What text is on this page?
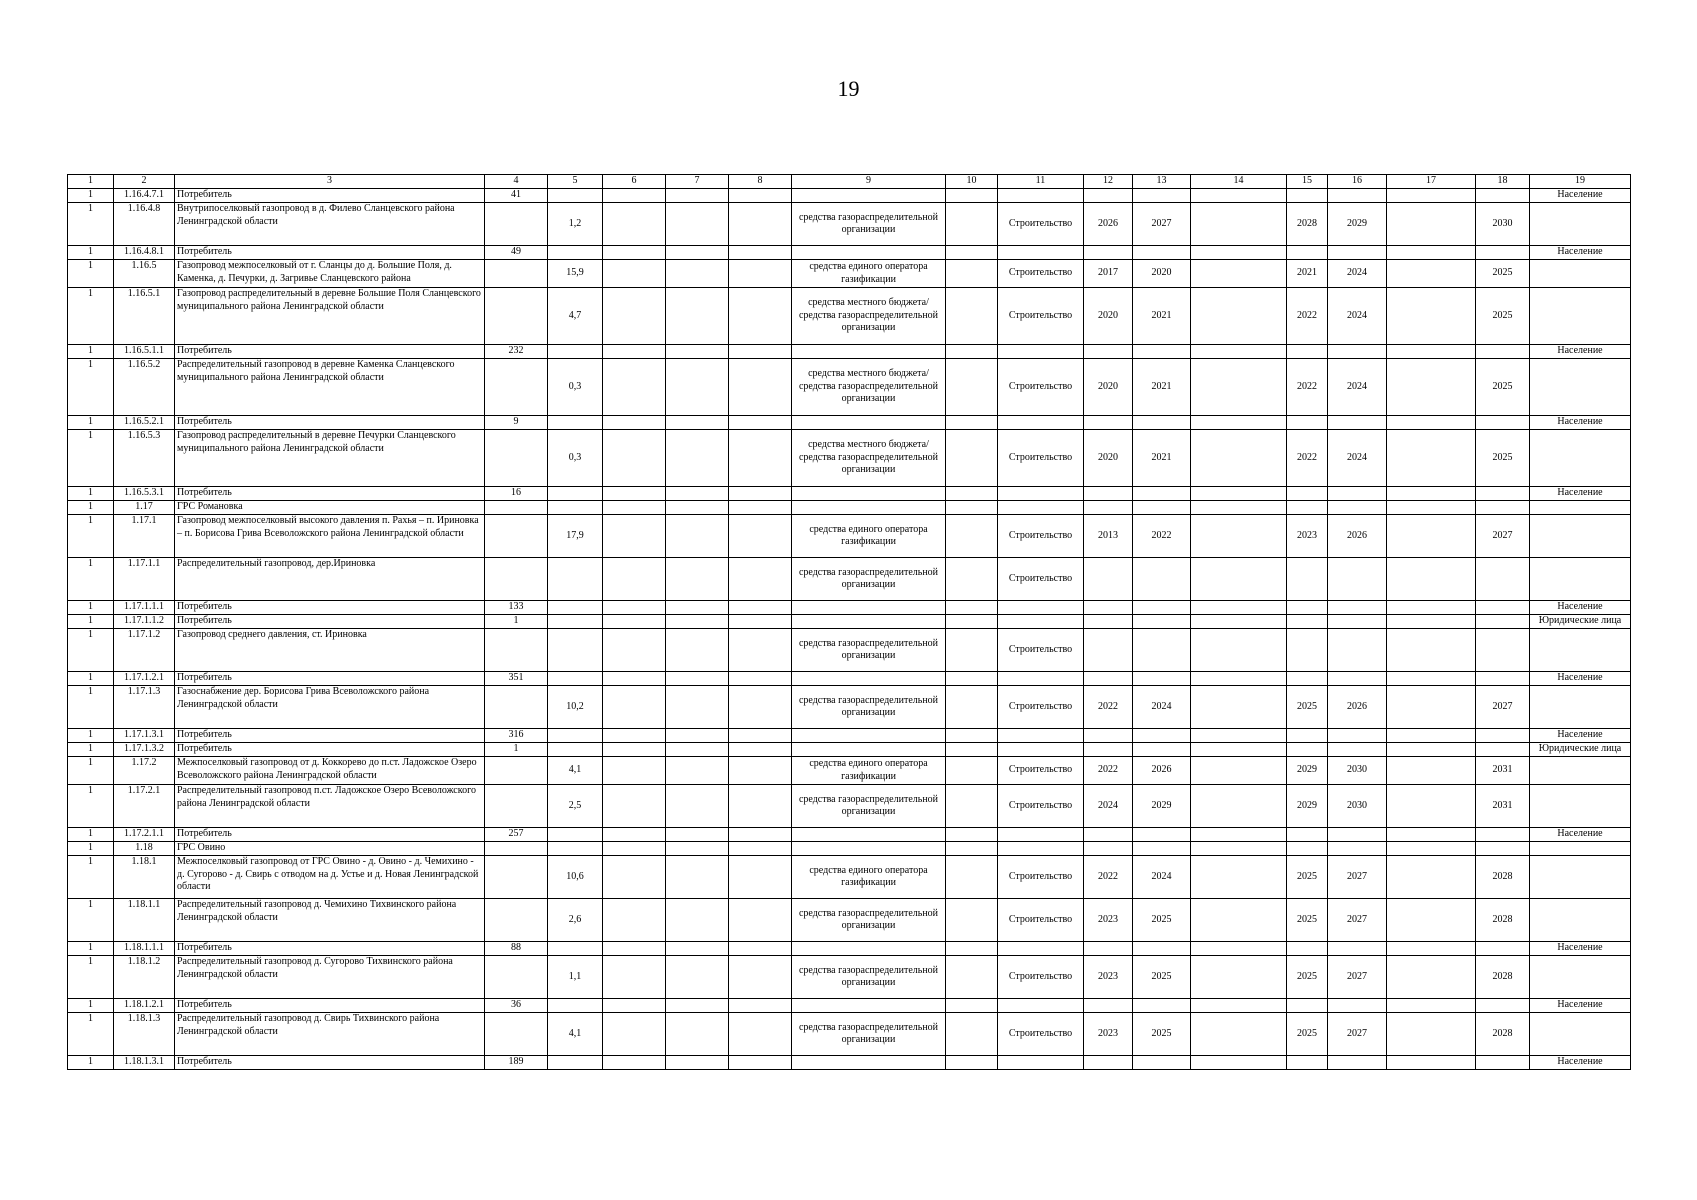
19
1	2	3	4	5	6	7	8	9	10	11	12	13	14	15	16	17	18	19
1	1.16.4.7.1	Потребитель	41															Население
1	1.16.4.8	Внутрипоселковый газопровод в д. Филево Сланцевского района Ленинградской области		1,2				средства газораспределительной организации		Строительство	2026	2027		2028	2029		2030	
1	1.16.4.8.1	Потребитель	49															Население
1	1.16.5	Газопровод межпоселковый от г. Сланцы до д. Большие Поля, д. Каменка, д. Печурки, д. Загривье Сланцевского района		15,9				средства единого оператора газификации		Строительство	2017	2020		2021	2024		2025	
1	1.16.5.1	Газопровод распределительный в деревне Большие Поля Сланцевского муниципального района Ленинградской области		4,7				средства местного бюджета/средства газораспределительной организации		Строительство	2020	2021		2022	2024		2025	
1	1.16.5.1.1	Потребитель	232															Население
1	1.16.5.2	Распределительный газопровод в деревне Каменка Сланцевского муниципального района Ленинградской области		0,3				средства местного бюджета/средства газораспределительной организации		Строительство	2020	2021		2022	2024		2025	
1	1.16.5.2.1	Потребитель	9															Население
1	1.16.5.3	Газопровод распределительный в деревне Печурки Сланцевского муниципального района Ленинградской области		0,3				средства местного бюджета/средства газораспределительной организации		Строительство	2020	2021		2022	2024		2025	
1	1.16.5.3.1	Потребитель	16															Население
1	1.17	ГРС Романовка																
1	1.17.1	Газопровод межпоселковый высокого давления п. Рахья – п. Ириновка – п. Борисова Грива Всеволожского района Ленинградской области		17,9				средства единого оператора газификации		Строительство	2013	2022		2023	2026		2027	
1	1.17.1.1	Распределительный газопровод, дер.Ириновка						средства газораспределительной организации		Строительство								
1	1.17.1.1.1	Потребитель	133															Население
1	1.17.1.1.2	Потребитель	1															Юридические лица
1	1.17.1.2	Газопровод среднего давления, ст. Ириновка						средства газораспределительной организации		Строительство								
1	1.17.1.2.1	Потребитель	351															Население
1	1.17.1.3	Газоснабжение дер. Борисова Грива Всеволожского района Ленинградской области		10,2				средства газораспределительной организации		Строительство	2022	2024		2025	2026		2027	
1	1.17.1.3.1	Потребитель	316															Население
1	1.17.1.3.2	Потребитель	1															Юридические лица
1	1.17.2	Межпоселковый газопровод от д. Коккорево до п.ст. Ладожское Озеро Всеволожского района Ленинградской области		4,1				средства единого оператора газификации		Строительство	2022	2026		2029	2030		2031	
1	1.17.2.1	Распределительный газопровод п.ст. Ладожское Озеро Всеволожского района Ленинградской области		2,5				средства газораспределительной организации		Строительство	2024	2029		2029	2030		2031	
1	1.17.2.1.1	Потребитель	257															Население
1	1.18	ГРС Овино																
1	1.18.1	Межпоселковый газопровод от ГРС Овино - д. Овино - д. Чемихино - д. Сугорово - д. Свирь с отводом на д. Устье и д. Новая Ленинградской области		10,6				средства единого оператора газификации		Строительство	2022	2024		2025	2027		2028	
1	1.18.1.1	Распределительный газопровод д. Чемихино Тихвинского района Ленинградской области		2,6				средства газораспределительной организации		Строительство	2023	2025		2025	2027		2028	
1	1.18.1.1.1	Потребитель	88															Население
1	1.18.1.2	Распределительный газопровод д. Сугорово Тихвинского района Ленинградской области		1,1				средства газораспределительной организации		Строительство	2023	2025		2025	2027		2028	
1	1.18.1.2.1	Потребитель	36															Население
1	1.18.1.3	Распределительный газопровод д. Свирь Тихвинского района Ленинградской области		4,1				средства газораспределительной организации		Строительство	2023	2025		2025	2027		2028	
1	1.18.1.3.1	Потребитель	189															Население
